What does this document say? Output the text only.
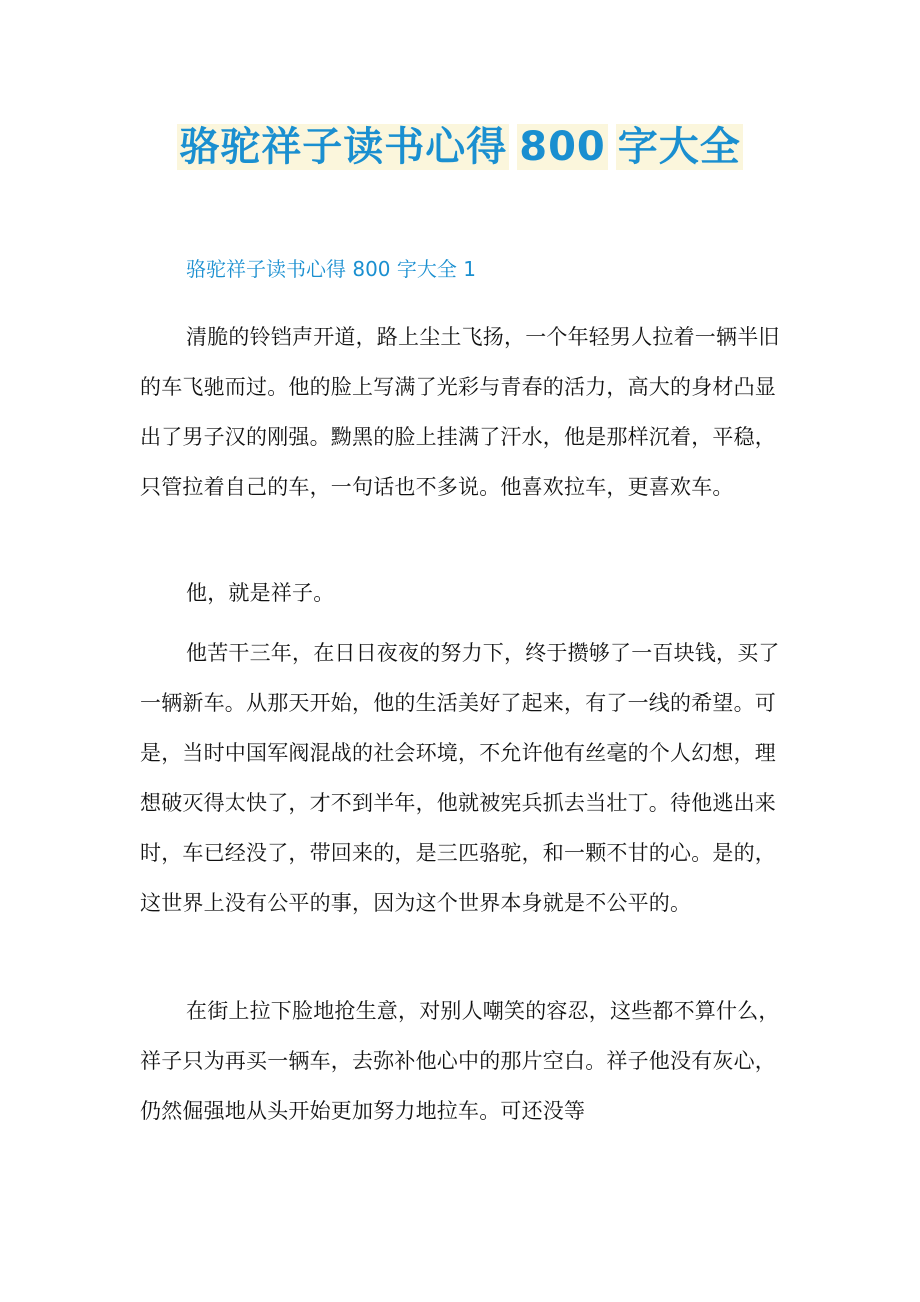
骆驼祥子读书心得 800 字大全
骆驼祥子读书心得 800 字大全 1

清脆的铃铛声开道，路上尘土飞扬，一个年轻男人拉着一辆半旧的车飞驰而过。他的脸上写满了光彩与青春的活力，高大的身材凸显出了男子汉的刚强。黝黑的脸上挂满了汗水，他是那样沉着，平稳，只管拉着自己的车，一句话也不多说。他喜欢拉车，更喜欢车。

他，就是祥子。

他苦干三年，在日日夜夜的努力下，终于攒够了一百块钱，买了一辆新车。从那天开始，他的生活美好了起来，有了一线的希望。可是，当时中国军阀混战的社会环境，不允许他有丝毫的个人幻想，理想破灭得太快了，才不到半年，他就被宪兵抓去当壮丁。待他逃出来时，车已经没了，带回来的，是三匹骆驼，和一颗不甘的心。是的，这世界上没有公平的事，因为这个世界本身就是不公平的。

在街上拉下脸地抢生意，对别人嘲笑的容忍，这些都不算什么，祥子只为再买一辆车，去弥补他心中的那片空白。祥子他没有灰心，仍然倔强地从头开始更加努力地拉车。可还没等
